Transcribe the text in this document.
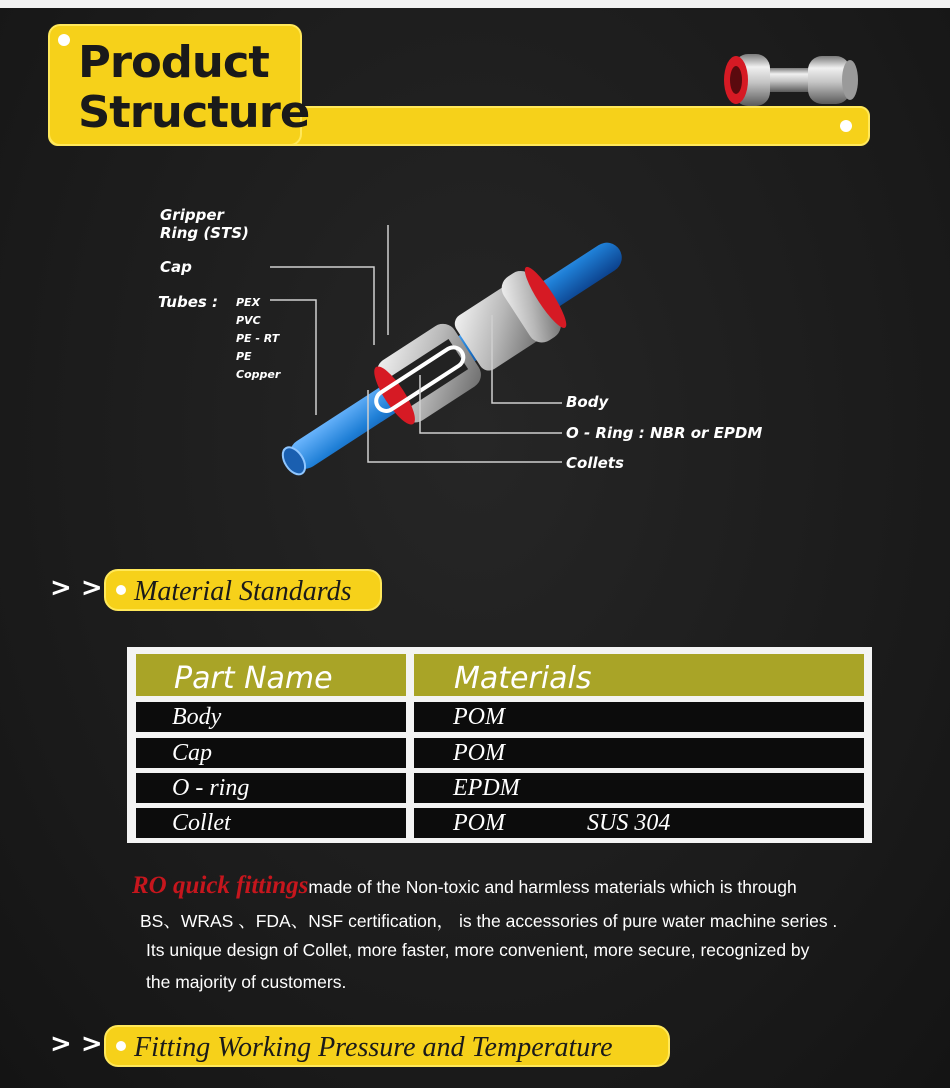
Product
Structure
Gripper
Ring (STS)
Cap
Tubes : PEX
PVC
PE - RT
PE
Copper
Body
O - Ring : NBR or EPDM
Collets
> > Material Standards
Part Name	Materials
Body	POM
Cap	POM
O - ring	EPDM
Collet	POM	SUS 304
RO quick fittingsmade of the Non-toxic and harmless materials which is through
BS、WRAS 、FDA、NSF certification， is the accessories of pure water machine series .
Its unique design of Collet, more faster, more convenient, more secure, recognized by
the majority of customers.
> > Fitting Working Pressure and Temperature
